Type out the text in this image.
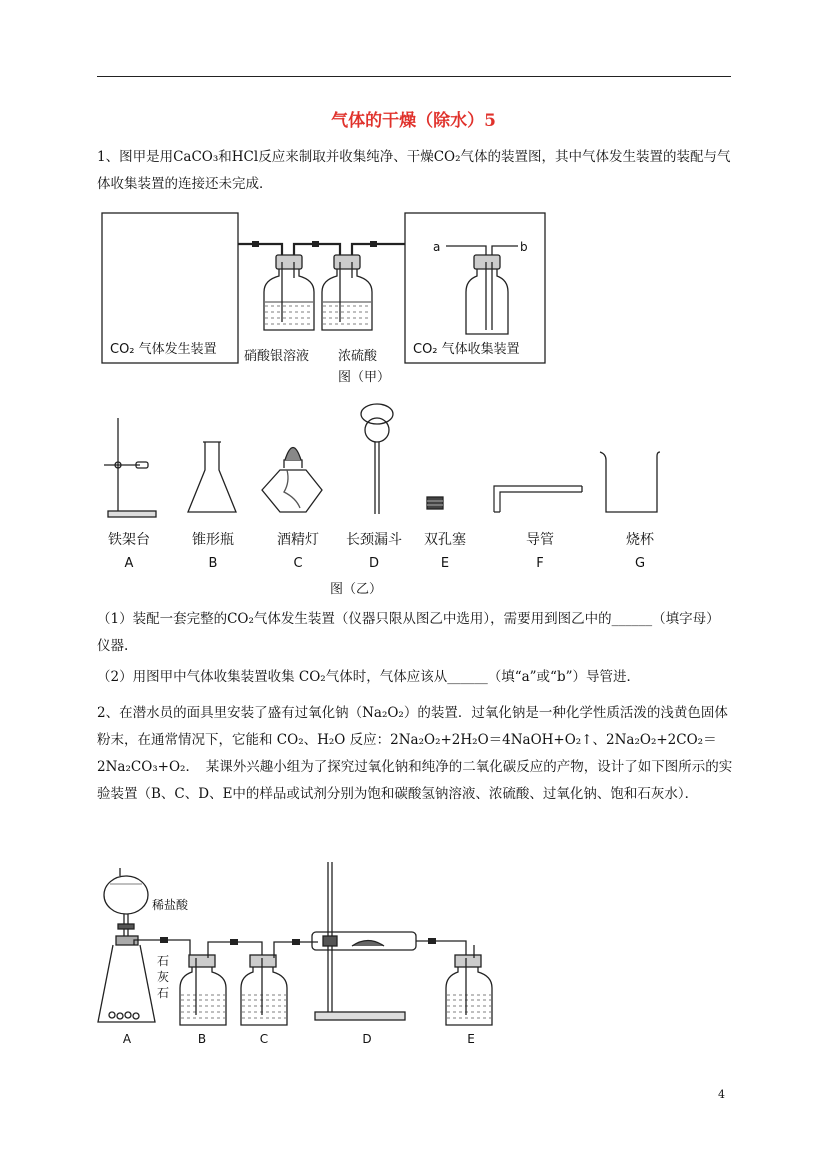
气体的干燥（除水）5
1、图甲是用CaCO₃和HCl反应来制取并收集纯净、干燥CO₂气体的装置图，其中气体发生装置的装配与气体收集装置的连接还未完成．
CO₂ 气体发生装置 硝酸银溶液 浓硫酸	CO₂ 气体收集装置
a	b
图（甲）
铁架台
A
锥形瓶
B
酒精灯
C
长颈漏斗
D
双孔塞
E
导管
F
烧杯
G
图（乙）
（1）装配一套完整的CO₂气体发生装置（仪器只限从图乙中选用），需要用到图乙中的______（填字母）仪器.
（2）用图甲中气体收集装置收集 CO₂气体时，气体应该从______（填“a”或“b”）导管进．
2、在潜水员的面具里安装了盛有过氧化钠（Na₂O₂）的装置．过氧化钠是一种化学性质活泼的浅黄色固体粉末，在通常情况下，它能和 CO₂、H₂O 反应：2Na₂O₂+2H₂O＝4NaOH+O₂↑、2Na₂O₂+2CO₂＝2Na₂CO₃+O₂．　某课外兴趣小组为了探究过氧化钠和纯净的二氧化碳反应的产物，设计了如下图所示的实验装置（B、C、D、E中的样品或试剂分别为饱和碳酸氢钠溶液、浓硫酸、过氧化钠、饱和石灰水）．
稀盐酸
石
灰
石
A	B	C	D	E
4
